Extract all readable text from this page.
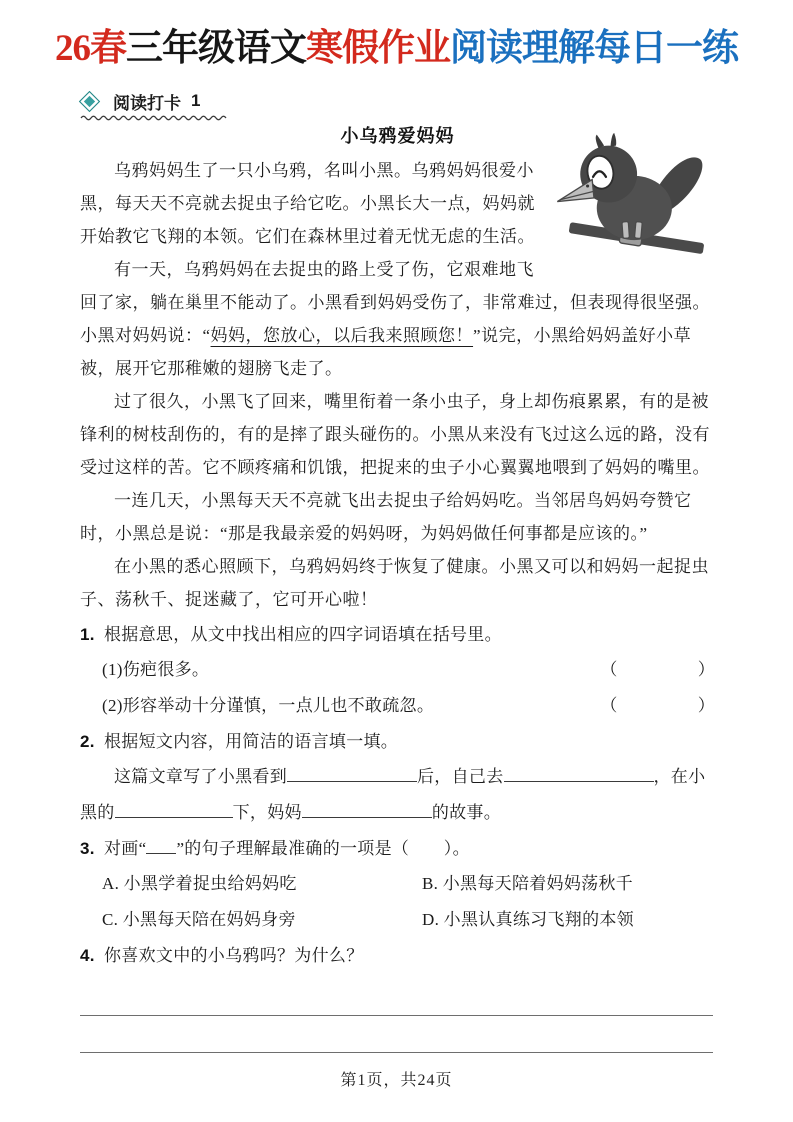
26春三年级语文寒假作业阅读理解每日一练
阅读打卡 1
小乌鸦爱妈妈

乌鸦妈妈生了一只小乌鸦，名叫小黑。乌鸦妈妈很爱小黑，每天天不亮就去捉虫子给它吃。小黑长大一点，妈妈就开始教它飞翔的本领。它们在森林里过着无忧无虑的生活。

有一天，乌鸦妈妈在去捉虫的路上受了伤，它艰难地飞回了家，躺在巢里不能动了。小黑看到妈妈受伤了，非常难过，但表现得很坚强。小黑对妈妈说：“妈妈，您放心，以后我来照顾您！”说完，小黑给妈妈盖好小草被，展开它那稚嫩的翅膀飞走了。

过了很久，小黑飞了回来，嘴里衔着一条小虫子，身上却伤痕累累，有的是被锋利的树枝刮伤的，有的是摔了跟头碰伤的。小黑从来没有飞过这么远的路，没有受过这样的苦。它不顾疼痛和饥饿，把捉来的虫子小心翼翼地喂到了妈妈的嘴里。

一连几天，小黑每天天不亮就飞出去捉虫子给妈妈吃。当邻居鸟妈妈夸赞它时，小黑总是说：“那是我最亲爱的妈妈呀，为妈妈做任何事都是应该的。”

在小黑的悉心照顾下，乌鸦妈妈终于恢复了健康。小黑又可以和妈妈一起捉虫子、荡秋千、捉迷藏了，它可开心啦！

1. 根据意思，从文中找出相应的四字词语填在括号里。
(1)伤疤很多。	（	）
(2)形容举动十分谨慎，一点儿也不敢疏忽。	（	）
2. 根据短文内容，用简洁的语言填一填。
这篇文章写了小黑看到	后，自己去	，在小黑的	下，妈妈	的故事。
3. 对画“ ”的句子理解最准确的一项是（　　）。
A. 小黑学着捉虫给妈妈吃	B. 小黑每天陪着妈妈荡秋千
C. 小黑每天陪在妈妈身旁	D. 小黑认真练习飞翔的本领
4. 你喜欢文中的小乌鸦吗？为什么？
第1页，共24页
